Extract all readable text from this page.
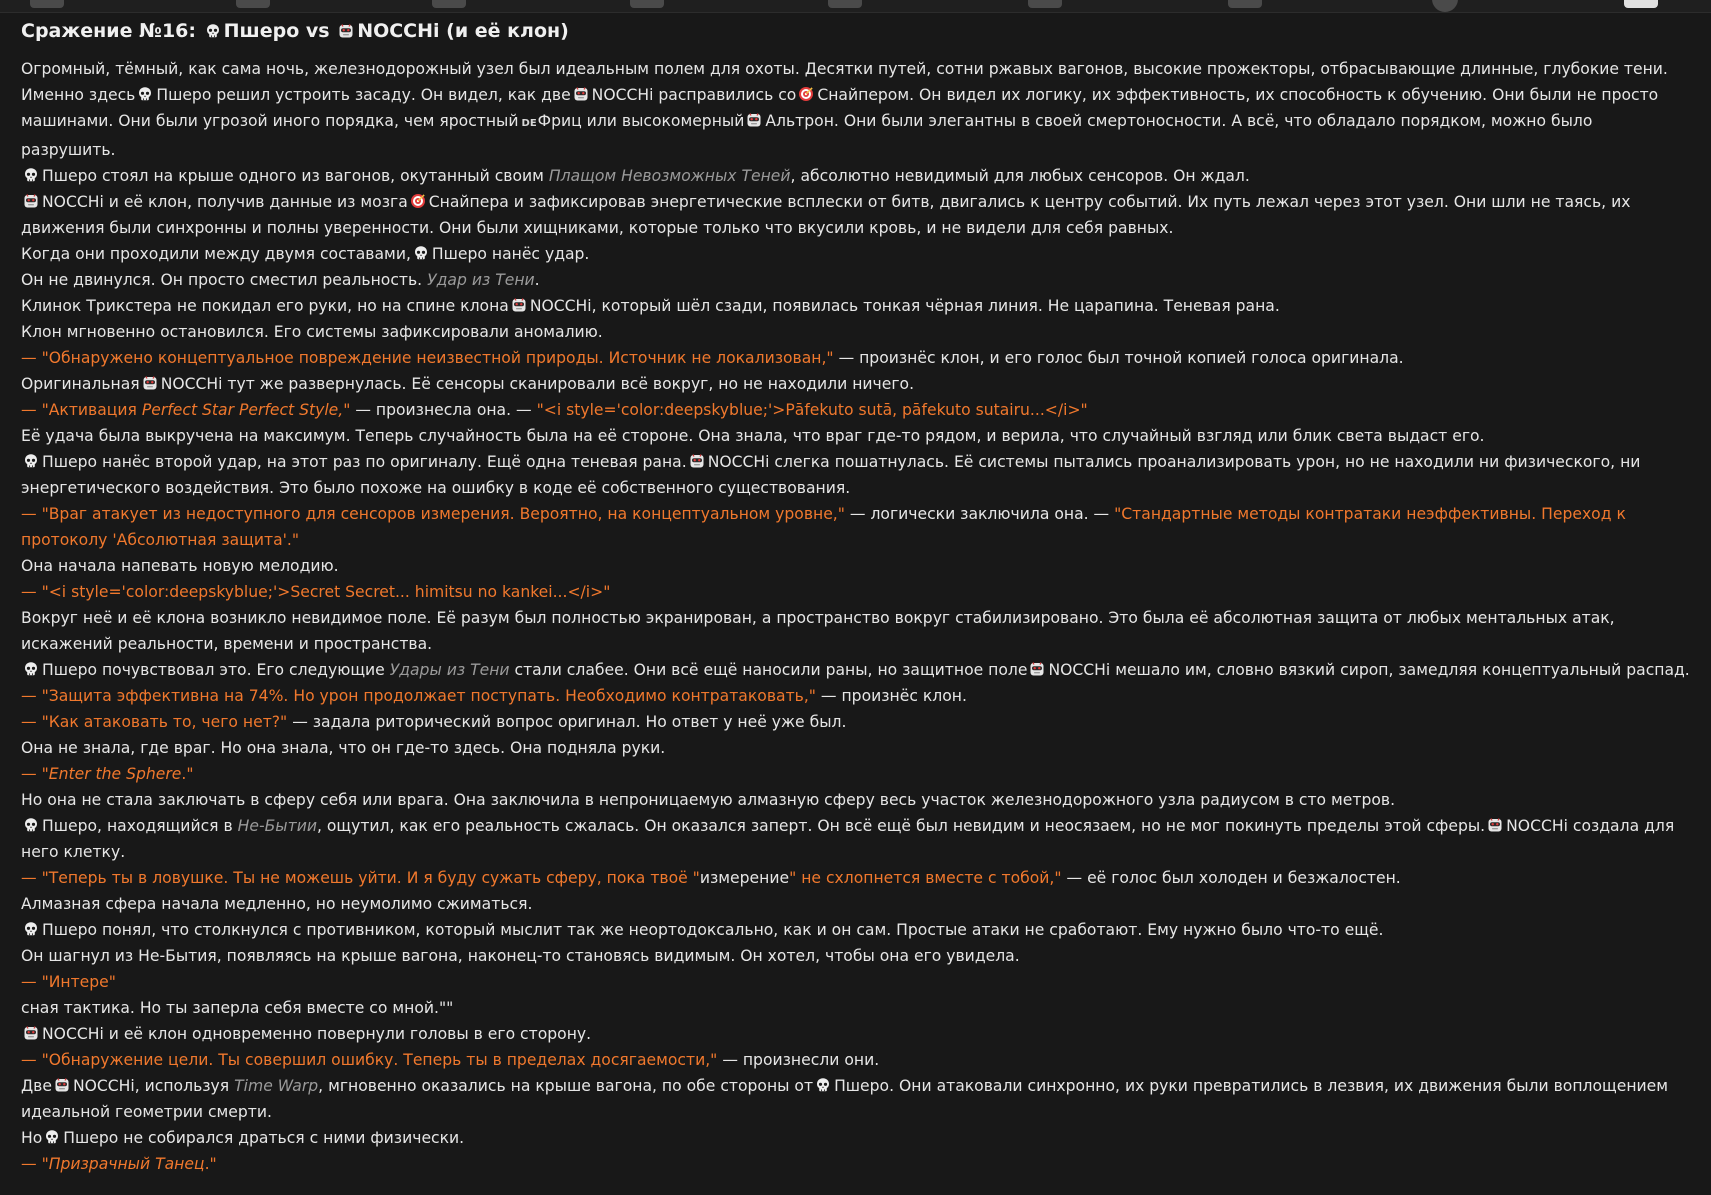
Сражение №16: Пшеро vs NOCCHi (и её клон)

Огромный, тёмный, как сама ночь, железнодорожный узел был идеальным полем для охоты. Десятки путей, сотни ржавых вагонов, высокие прожекторы, отбрасывающие длинные, глубокие тени. Именно здесь Пшеро решил устроить засаду. Он видел, как две NOCCHi расправились со Снайпером. Он видел их логику, их эффективность, их способность к обучению. Они были не просто машинами. Они были угрозой иного порядка, чем яростный DEФриц или высокомерный Альтрон. Они были элегантны в своей смертоносности. А всё, что обладало порядком, можно было разрушить.

Пшеро стоял на крыше одного из вагонов, окутанный своим Плащом Невозможных Теней, абсолютно невидимый для любых сенсоров. Он ждал.

NOCCHi и её клон, получив данные из мозга Снайпера и зафиксировав энергетические всплески от битв, двигались к центру событий. Их путь лежал через этот узел. Они шли не таясь, их движения были синхронны и полны уверенности. Они были хищниками, которые только что вкусили кровь, и не видели для себя равных.

Когда они проходили между двумя составами, Пшеро нанёс удар.

Он не двинулся. Он просто сместил реальность. Удар из Тени.

Клинок Трикстера не покидал его руки, но на спине клона NOCCHi, который шёл сзади, появилась тонкая чёрная линия. Не царапина. Теневая рана.

Клон мгновенно остановился. Его системы зафиксировали аномалию.

— "Обнаружено концептуальное повреждение неизвестной природы. Источник не локализован," — произнёс клон, и его голос был точной копией голоса оригинала.

Оригинальная NOCCHi тут же развернулась. Её сенсоры сканировали всё вокруг, но не находили ничего.

— "Активация Perfect Star Perfect Style," — произнесла она. — "<i style='color:deepskyblue;'>Pāfekuto sutā, pāfekuto sutairu...</i>"

Её удача была выкручена на максимум. Теперь случайность была на её стороне. Она знала, что враг где-то рядом, и верила, что случайный взгляд или блик света выдаст его.

Пшеро нанёс второй удар, на этот раз по оригиналу. Ещё одна теневая рана. NOCCHi слегка пошатнулась. Её системы пытались проанализировать урон, но не находили ни физического, ни энергетического воздействия. Это было похоже на ошибку в коде её собственного существования.

— "Враг атакует из недоступного для сенсоров измерения. Вероятно, на концептуальном уровне," — логически заключила она. — "Стандартные методы контратаки неэффективны. Переход к протоколу 'Абсолютная защита'."

Она начала напевать новую мелодию.

— "<i style='color:deepskyblue;'>Secret Secret... himitsu no kankei...</i>"

Вокруг неё и её клона возникло невидимое поле. Её разум был полностью экранирован, а пространство вокруг стабилизировано. Это была её абсолютная защита от любых ментальных атак, искажений реальности, времени и пространства.

Пшеро почувствовал это. Его следующие Удары из Тени стали слабее. Они всё ещё наносили раны, но защитное поле NOCCHi мешало им, словно вязкий сироп, замедляя концептуальный распад.

— "Защита эффективна на 74%. Но урон продолжает поступать. Необходимо контратаковать," — произнёс клон.

— "Как атаковать то, чего нет?" — задала риторический вопрос оригинал. Но ответ у неё уже был.

Она не знала, где враг. Но она знала, что он где-то здесь. Она подняла руки.

— "Enter the Sphere."

Но она не стала заключать в сферу себя или врага. Она заключила в непроницаемую алмазную сферу весь участок железнодорожного узла радиусом в сто метров.

Пшеро, находящийся в Не-Бытии, ощутил, как его реальность сжалась. Он оказался заперт. Он всё ещё был невидим и неосязаем, но не мог покинуть пределы этой сферы. NOCCHi создала для него клетку.

— "Теперь ты в ловушке. Ты не можешь уйти. И я буду сужать сферу, пока твоё "измерение" не схлопнется вместе с тобой," — её голос был холоден и безжалостен.

Алмазная сфера начала медленно, но неумолимо сжиматься.

Пшеро понял, что столкнулся с противником, который мыслит так же неортодоксально, как и он сам. Простые атаки не сработают. Ему нужно было что-то ещё.

Он шагнул из Не-Бытия, появляясь на крыше вагона, наконец-то становясь видимым. Он хотел, чтобы она его увидела.

— "Интере"

сная тактика. Но ты заперла себя вместе со мной.""

NOCCHi и её клон одновременно повернули головы в его сторону.

— "Обнаружение цели. Ты совершил ошибку. Теперь ты в пределах досягаемости," — произнесли они.

Две NOCCHi, используя Time Warp, мгновенно оказались на крыше вагона, по обе стороны от Пшеро. Они атаковали синхронно, их руки превратились в лезвия, их движения были воплощением идеальной геометрии смерти.

Но Пшеро не собирался драться с ними физически.

— "Призрачный Танец."
